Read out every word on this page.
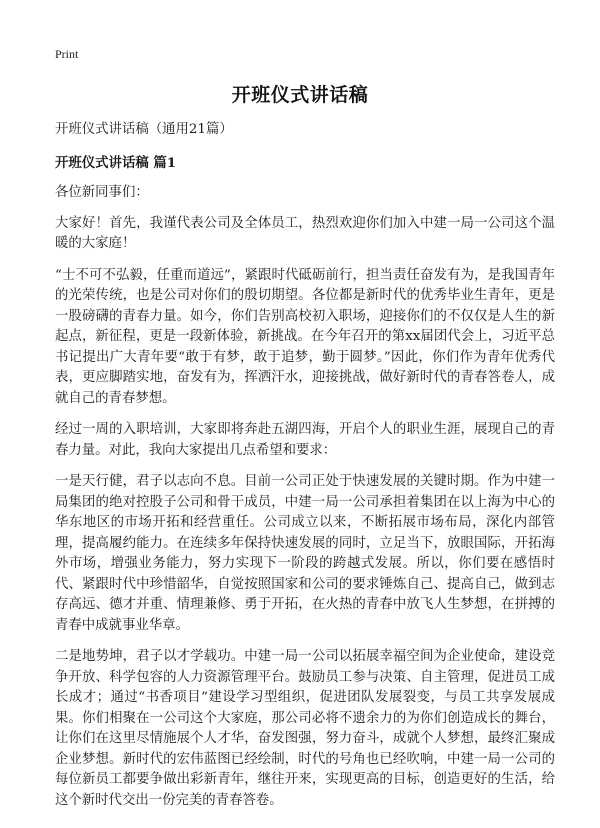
Print
开班仪式讲话稿

开班仪式讲话稿（通用21篇）

开班仪式讲话稿 篇1

各位新同事们：

大家好！首先，我谨代表公司及全体员工，热烈欢迎你们加入中建一局一公司这个温暖的大家庭！

“士不可不弘毅，任重而道远”，紧跟时代砥砺前行，担当责任奋发有为，是我国青年的光荣传统，也是公司对你们的殷切期望。各位都是新时代的优秀毕业生青年，更是一股磅礴的青春力量。如今，你们告别高校初入职场，迎接你们的不仅仅是人生的新起点，新征程，更是一段新体验，新挑战。在今年召开的第xx届团代会上，习近平总书记提出广大青年要“敢于有梦，敢于追梦，勤于圆梦。”因此，你们作为青年优秀代表，更应脚踏实地，奋发有为，挥洒汗水，迎接挑战，做好新时代的青春答卷人，成就自己的青春梦想。

经过一周的入职培训，大家即将奔赴五湖四海，开启个人的职业生涯，展现自己的青春力量。对此，我向大家提出几点希望和要求：

一是天行健，君子以志向不息。目前一公司正处于快速发展的关键时期。作为中建一局集团的绝对控股子公司和骨干成员，中建一局一公司承担着集团在以上海为中心的华东地区的市场开拓和经营重任。公司成立以来，不断拓展市场布局，深化内部管理，提高履约能力。在连续多年保持快速发展的同时，立足当下，放眼国际，开拓海外市场，增强业务能力，努力实现下一阶段的跨越式发展。所以，你们要在感悟时代、紧跟时代中珍惜韶华，自觉按照国家和公司的要求锤炼自己、提高自己，做到志存高远、德才并重、情理兼修、勇于开拓，在火热的青春中放飞人生梦想，在拼搏的青春中成就事业华章。

二是地势坤，君子以才学载功。中建一局一公司以拓展幸福空间为企业使命，建设竞争开放、科学包容的人力资源管理平台。鼓励员工参与决策、自主管理，促进员工成长成才；通过“书香项目”建设学习型组织，促进团队发展裂变，与员工共享发展成果。你们相聚在一公司这个大家庭，那公司必将不遗余力的为你们创造成长的舞台，让你们在这里尽情施展个人才华，奋发图强，努力奋斗，成就个人梦想，最终汇聚成企业梦想。新时代的宏伟蓝图已经绘制，时代的号角也已经吹响，中建一局一公司的每位新员工都要争做出彩新青年，继往开来，实现更高的目标，创造更好的生活，给这个新时代交出一份完美的青春答卷。
